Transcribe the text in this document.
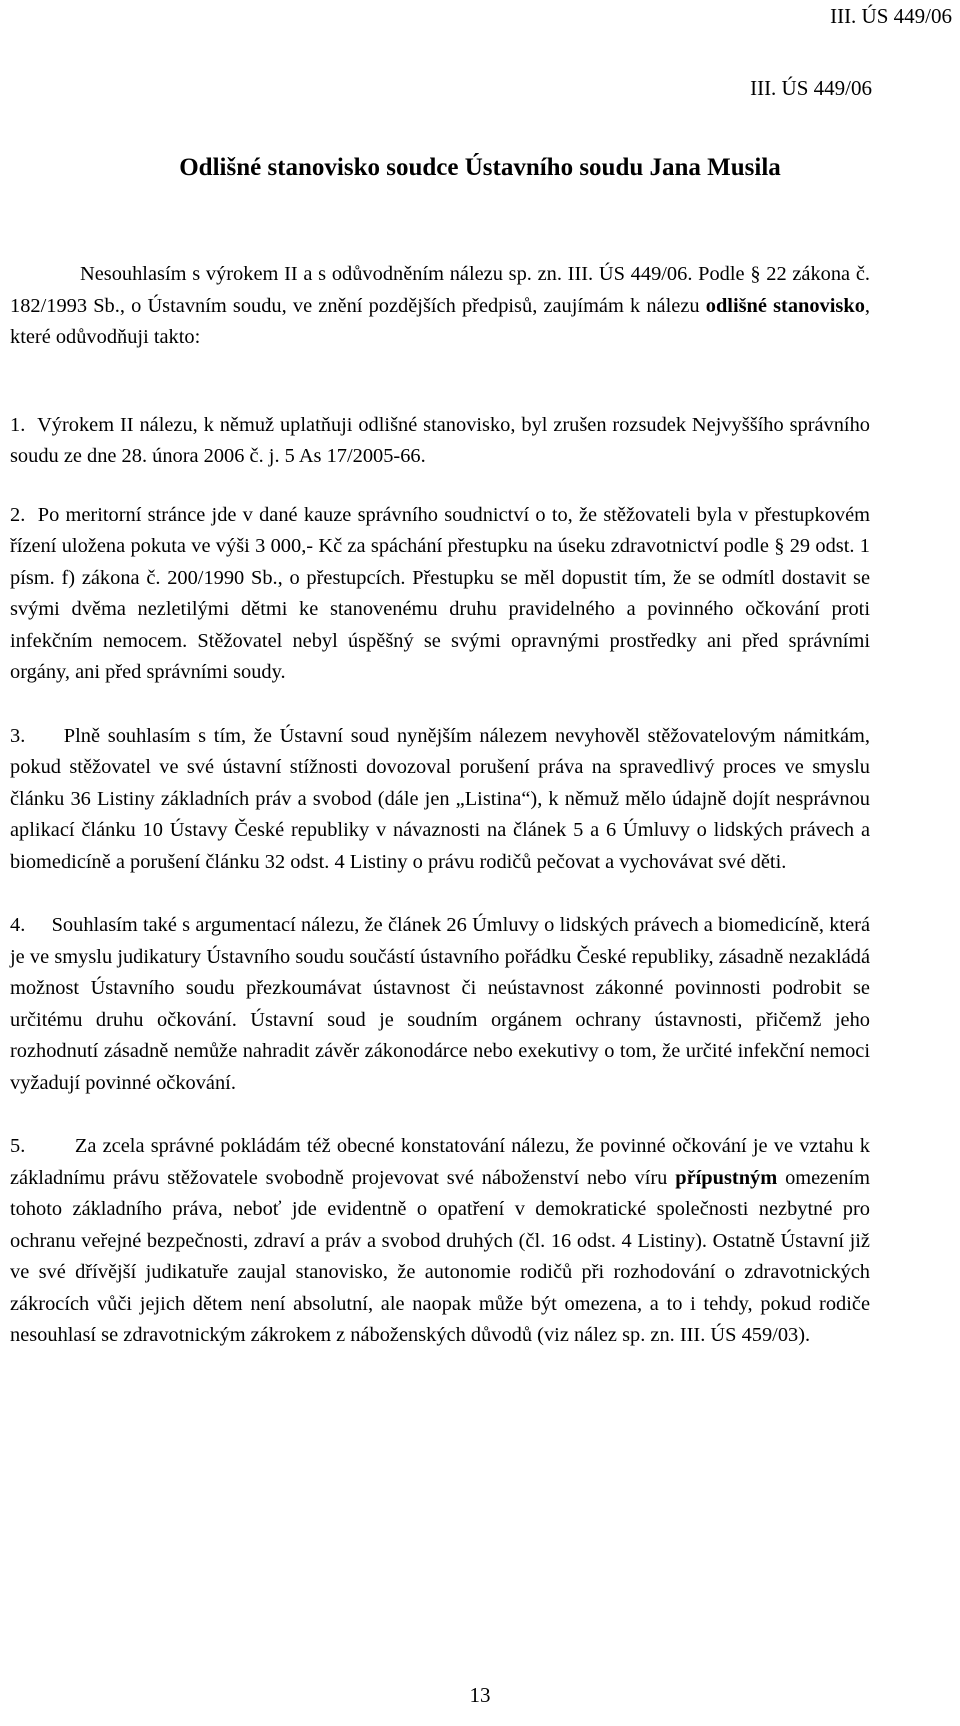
III. ÚS 449/06
III. ÚS 449/06
Odlišné stanovisko soudce Ústavního soudu Jana Musila

Nesouhlasím s výrokem II a s odůvodněním nálezu sp. zn. III. ÚS 449/06. Podle § 22 zákona č. 182/1993 Sb., o Ústavním soudu, ve znění pozdějších předpisů, zaujímám k nálezu odlišné stanovisko, které odůvodňuji takto:

1.  Výrokem II nálezu, k němuž uplatňuji odlišné stanovisko, byl zrušen rozsudek Nejvyššího správního soudu ze dne 28. února 2006 č. j. 5 As 17/2005-66.

2.  Po meritorní stránce jde v dané kauze správního soudnictví o to, že stěžovateli byla v přestupkovém řízení uložena pokuta ve výši 3 000,- Kč za spáchání přestupku na úseku zdravotnictví podle § 29 odst. 1 písm. f) zákona č. 200/1990 Sb., o přestupcích. Přestupku se měl dopustit tím, že se odmítl dostavit se svými dvěma nezletilými dětmi ke stanovenému druhu pravidelného a povinného očkování proti infekčním nemocem. Stěžovatel nebyl úspěšný se svými opravnými prostředky ani před správními orgány, ani před správními soudy.

3.     Plně souhlasím s tím, že Ústavní soud nynějším nálezem nevyhověl stěžovatelovým námitkám, pokud stěžovatel ve své ústavní stížnosti dovozoval porušení práva na spravedlivý proces ve smyslu článku 36 Listiny základních práv a svobod (dále jen „Listina“), k němuž mělo údajně dojít nesprávnou aplikací článku 10 Ústavy České republiky v návaznosti na článek 5 a 6 Úmluvy o lidských právech a biomedicíně a porušení článku 32 odst. 4 Listiny o právu rodičů pečovat a vychovávat své děti.

4.     Souhlasím také s argumentací nálezu, že článek 26 Úmluvy o lidských právech a biomedicíně, která je ve smyslu judikatury Ústavního soudu součástí ústavního pořádku České republiky, zásadně nezakládá možnost Ústavního soudu přezkoumávat ústavnost či neústavnost zákonné povinnosti podrobit se určitému druhu očkování. Ústavní soud je soudním orgánem ochrany ústavnosti, přičemž jeho rozhodnutí zásadně nemůže nahradit závěr zákonodárce nebo exekutivy o tom, že určité infekční nemoci vyžadují povinné očkování.

5.        Za zcela správné pokládám též obecné konstatování nálezu, že povinné očkování je ve vztahu k základnímu právu stěžovatele svobodně projevovat své náboženství nebo víru přípustným omezením tohoto základního práva, neboť jde evidentně o opatření v demokratické společnosti nezbytné pro ochranu veřejné bezpečnosti, zdraví a práv a svobod druhých (čl. 16 odst. 4 Listiny). Ostatně Ústavní již ve své dřívější judikatuře zaujal stanovisko, že autonomie rodičů při rozhodování o zdravotnických zákrocích vůči jejich dětem není absolutní, ale naopak může být omezena, a to i tehdy, pokud rodiče nesouhlasí se zdravotnickým zákrokem z náboženských důvodů (viz nález sp. zn. III. ÚS 459/03).

13
